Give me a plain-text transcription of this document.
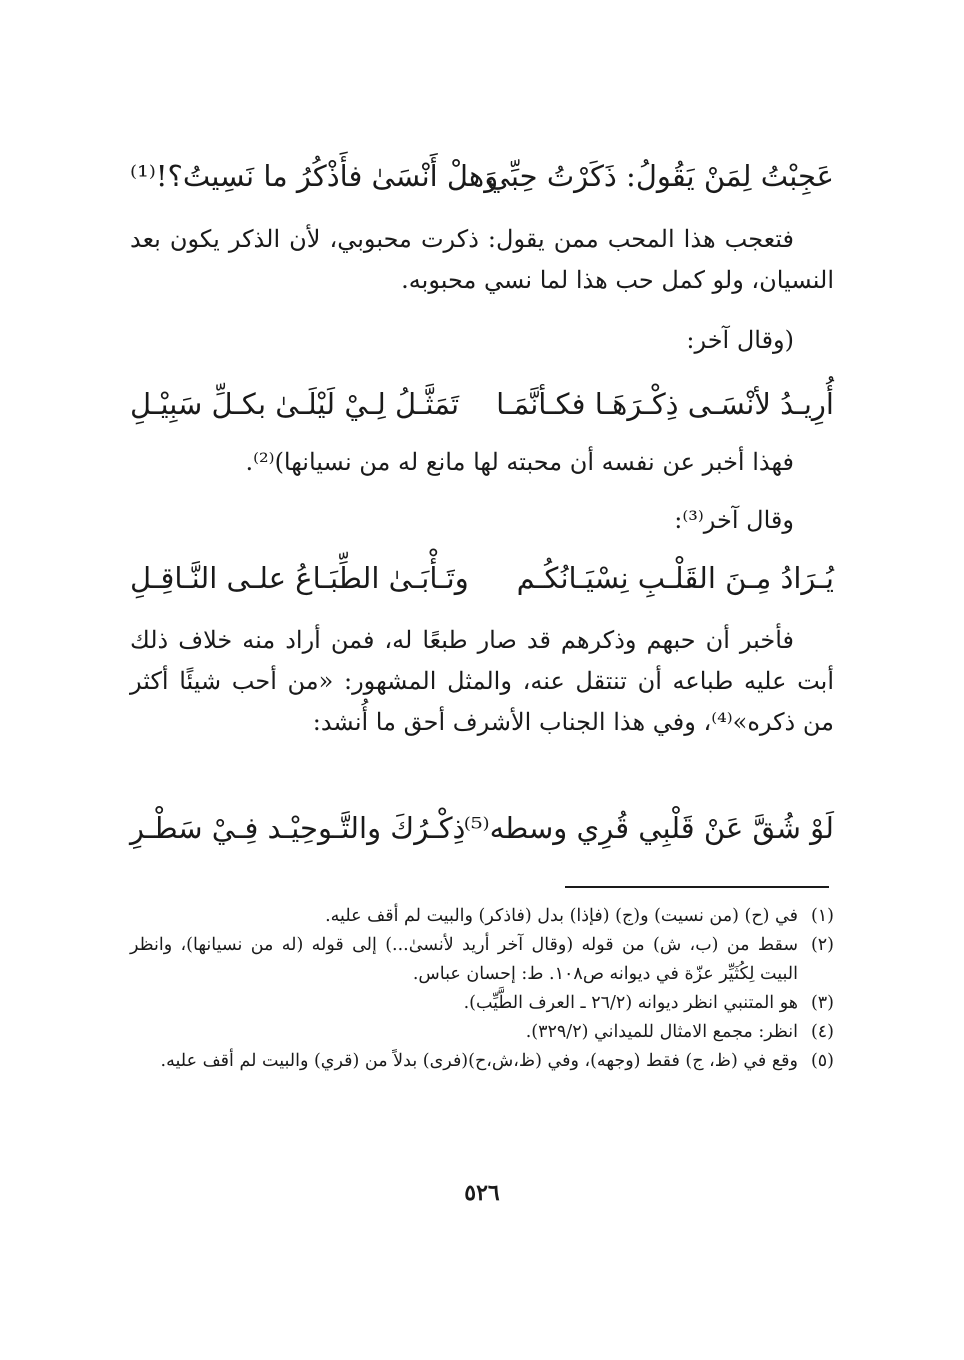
عَجِبْتُ لِمَنْ يَقُولُ: ذَكَرْتُ حِبِّي
وَهلْ أَنْسَىٰ فأَذْكُرُ ما نَسِيتُ؟!⁽¹⁾
فتعجب هذا المحب ممن يقول: ذكرت محبوبي، لأن الذكر يكون بعد النسيان، ولو كمل حب هذا لما نسي محبوبه.
(وقال آخر:
أُرِيـدُ لأنْسَـى ذِكْـرَهَـا فكـأنَّمَـا
تَمَثَّـلُ لِـيْ لَيْلَـىٰ بكـلِّ سَبِيْـلِ
فهذا أخبر عن نفسه أن محبته لها مانع له من نسيانها)⁽²⁾.
وقال آخر⁽³⁾:
يُـرَادُ مِـنَ القَلْـبِ نِسْيَـانُكُـم
وتَـأْبَـىٰ الطِّبَـاعُ علـى النَّـاقِـلِ
فأخبر أن حبهم وذكرهم قد صار طبعًا له، فمن أراد منه خلاف ذلك أبت عليه طباعه أن تنتقل عنه، والمثل المشهور: «من أحب شيئًا أكثر من ذكره»⁽⁴⁾، وفي هذا الجناب الأشرف أحق ما أُنشد:
لَوْ شُقَّ عَنْ قَلْبِي قُرِي وسطه⁽⁵⁾
ذِكْـرُكَ والتَّـوحِيْـد فِـيْ سَطْـرِ
(١)
في (ح) (من نسيت) و(ج) (فإذا) بدل (فاذكر) والبيت لم أقف عليه.
(٢)
سقط من (ب، ش) من قوله (وقال آخر أريد لأنسىٰ...) إلى قوله (له من نسيانها)، وانظر البيت لِكُثَيِّر عزّة في ديوانه ص١٠٨. ط: إحسان عباس.
(٣)
هو المتنبي انظر ديوانه (٢٦/٢ ـ العرف الطَّيِّب).
(٤)
انظر: مجمع الامثال للميداني (٣٢٩/٢).
(٥)
وقع في (ظ، ج) فقط (وجهه)، وفي (ظ،ش،ح)(فرى) بدلاً من (قري) والبيت لم أقف عليه.
٥٢٦
